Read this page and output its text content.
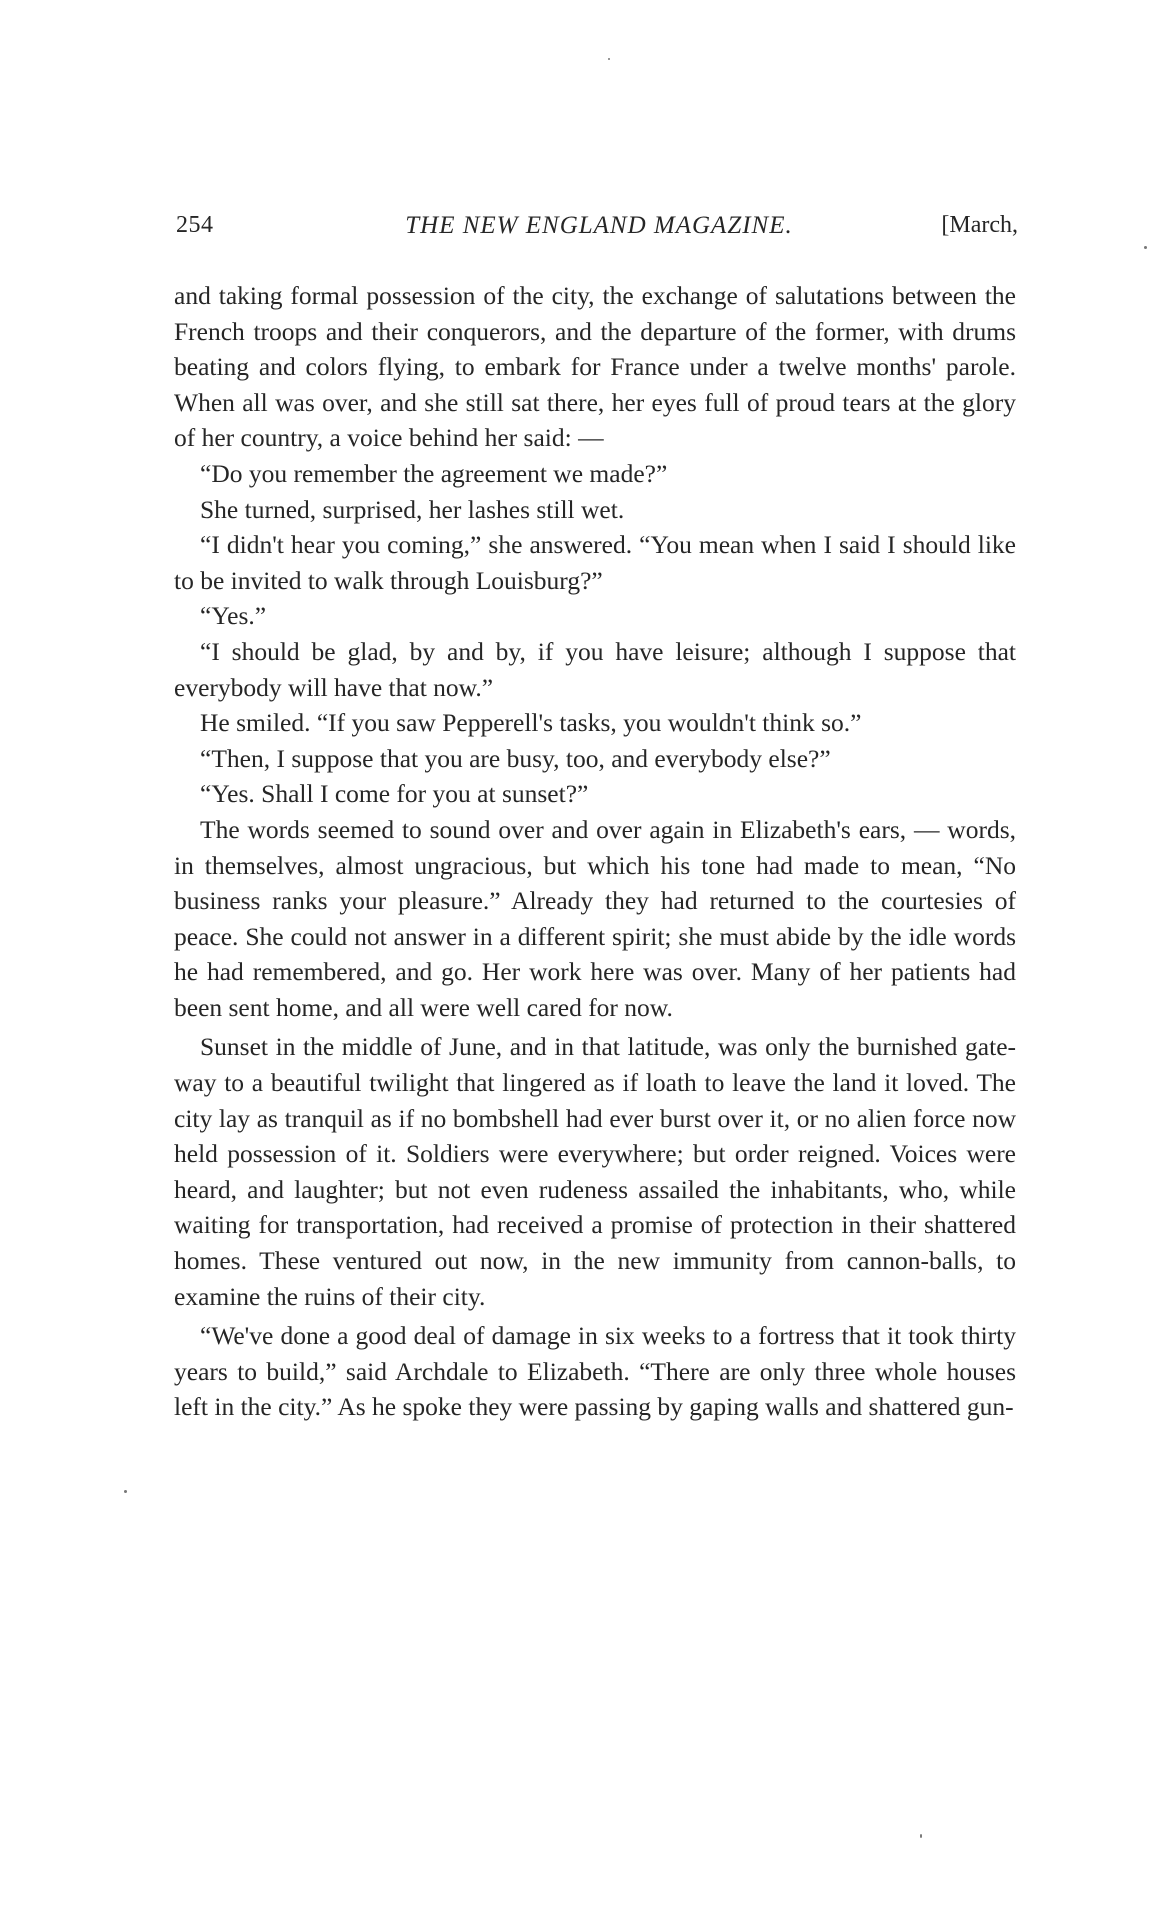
254	THE NEW ENGLAND MAGAZINE.	[March,

and taking formal possession of the city, the exchange of salutations between the French troops and their conquerors, and the departure of the former, with drums beating and colors flying, to embark for France under a twelve months' parole. When all was over, and she still sat there, her eyes full of proud tears at the glory of her country, a voice behind her said: —

“Do you remember the agreement we made?”

She turned, surprised, her lashes still wet.

“I didn't hear you coming,” she answered. “You mean when I said I should like to be invited to walk through Louisburg?”

“Yes.”

“I should be glad, by and by, if you have leisure; although I suppose that everybody will have that now.”

He smiled. “If you saw Pepperell's tasks, you wouldn't think so.”

“Then, I suppose that you are busy, too, and everybody else?”

“Yes. Shall I come for you at sunset?”

The words seemed to sound over and over again in Elizabeth's ears, — words, in themselves, almost ungracious, but which his tone had made to mean, “No business ranks your pleasure.” Already they had returned to the courtesies of peace. She could not answer in a different spirit; she must abide by the idle words he had remembered, and go. Her work here was over. Many of her patients had been sent home, and all were well cared for now.

Sunset in the middle of June, and in that latitude, was only the burnished gate-way to a beautiful twilight that lingered as if loath to leave the land it loved. The city lay as tranquil as if no bombshell had ever burst over it, or no alien force now held possession of it. Soldiers were everywhere; but order reigned. Voices were heard, and laughter; but not even rudeness assailed the inhabitants, who, while waiting for transportation, had received a promise of protection in their shattered homes. These ventured out now, in the new immunity from cannon-balls, to examine the ruins of their city.

“We've done a good deal of damage in six weeks to a fortress that it took thirty years to build,” said Archdale to Elizabeth. “There are only three whole houses left in the city.” As he spoke they were passing by gaping walls and shattered gun-
